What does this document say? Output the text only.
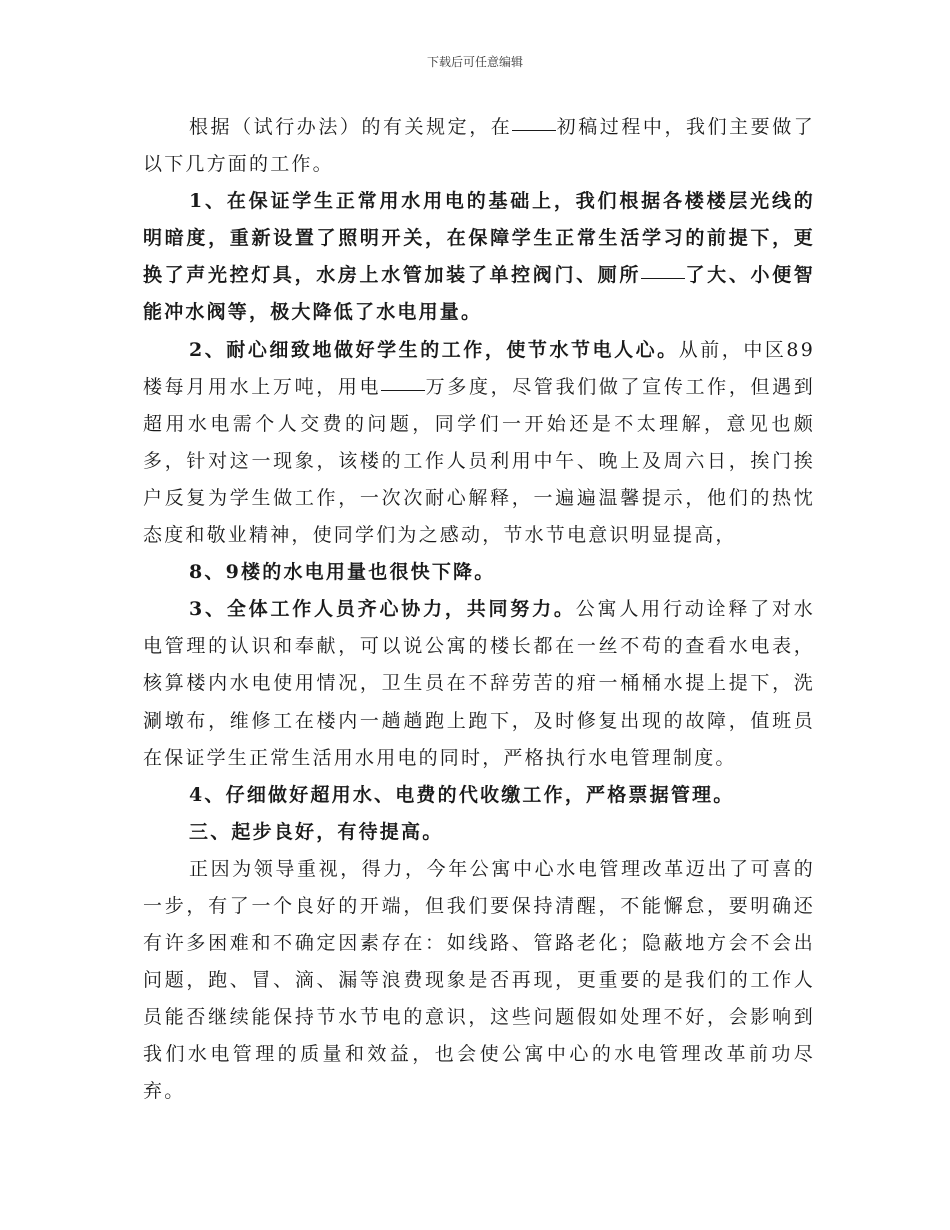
下载后可任意编辑

根据（试行办法）的有关规定，在 初稿过程中，我们主要做了以下几方面的工作。

1、在保证学生正常用水用电的基础上，我们根据各楼楼层光线的明暗度，重新设置了照明开关，在保障学生正常生活学习的前提下，更换了声光控灯具，水房上水管加装了单控阀门、厕所 了大、小便智能冲水阀等，极大降低了水电用量。

2、耐心细致地做好学生的工作，使节水节电人心。从前，中区89楼每月用水上万吨，用电 万多度，尽管我们做了宣传工作，但遇到超用水电需个人交费的问题，同学们一开始还是不太理解，意见也颇多，针对这一现象，该楼的工作人员利用中午、晚上及周六日，挨门挨户反复为学生做工作，一次次耐心解释，一遍遍温馨提示，他们的热忱态度和敬业精神，使同学们为之感动，节水节电意识明显提高，

8、9楼的水电用量也很快下降。

3、全体工作人员齐心协力，共同努力。公寓人用行动诠释了对水电管理的认识和奉献，可以说公寓的楼长都在一丝不苟的查看水电表，核算楼内水电使用情况，卫生员在不辞劳苦的疳一桶桶水提上提下，洗涮墩布，维修工在楼内一趟趟跑上跑下，及时修复出现的故障，值班员在保证学生正常生活用水用电的同时，严格执行水电管理制度。

4、仔细做好超用水、电费的代收缴工作，严格票据管理。

三、起步良好，有待提高。

正因为领导重视，得力，今年公寓中心水电管理改革迈出了可喜的一步，有了一个良好的开端，但我们要保持清醒，不能懈怠，要明确还有许多困难和不确定因素存在：如线路、管路老化；隐蔽地方会不会出问题，跑、冒、滴、漏等浪费现象是否再现，更重要的是我们的工作人员能否继续能保持节水节电的意识，这些问题假如处理不好，会影响到我们水电管理的质量和效益，也会使公寓中心的水电管理改革前功尽弃。
